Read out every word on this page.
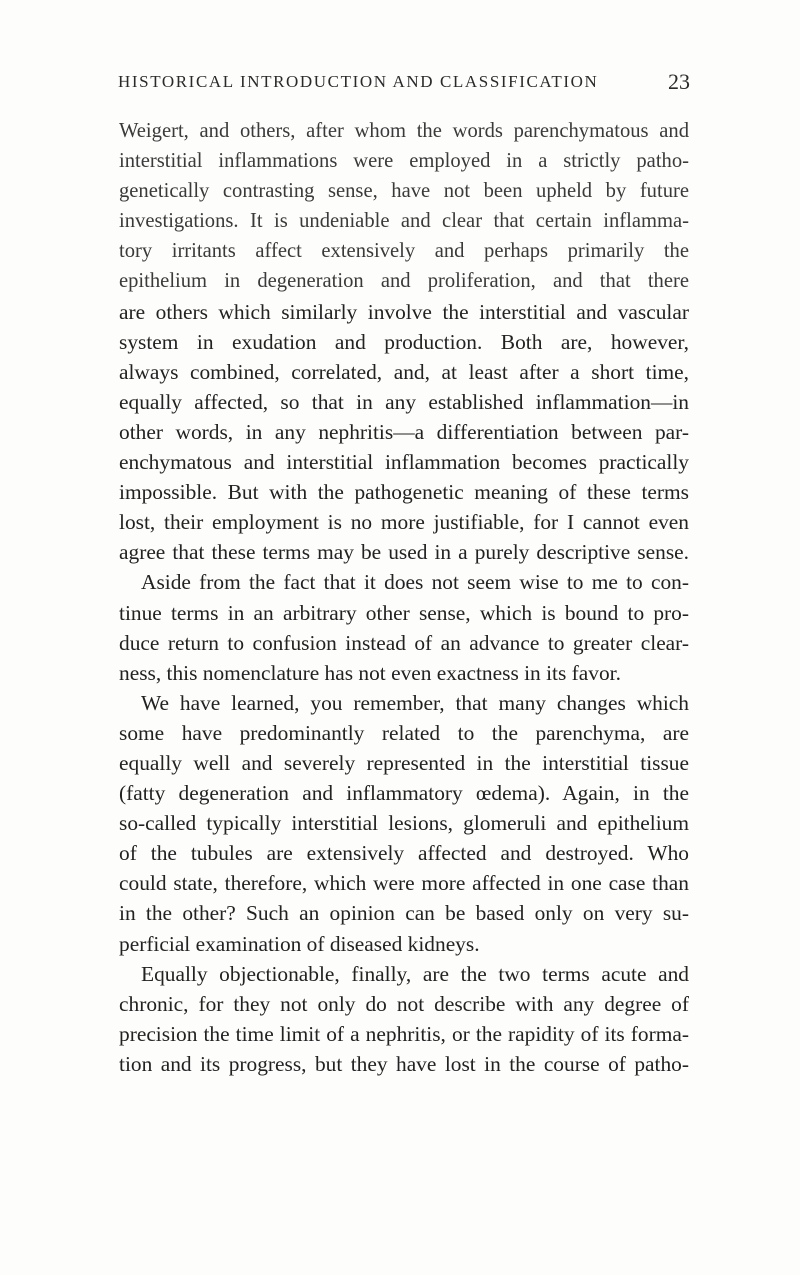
HISTORICAL INTRODUCTION AND CLASSIFICATION	23
Weigert, and others, after whom the words parenchymatous and
interstitial inflammations were employed in a strictly patho-
genetically contrasting sense, have not been upheld by future
investigations. It is undeniable and clear that certain inflamma-
tory irritants affect extensively and perhaps primarily the
epithelium in degeneration and proliferation, and that there
are others which similarly involve the interstitial and vascular
system in exudation and production. Both are, however,
always combined, correlated, and, at least after a short time,
equally affected, so that in any established inflammation—in
other words, in any nephritis—a differentiation between par-
enchymatous and interstitial inflammation becomes practically
impossible. But with the pathogenetic meaning of these terms
lost, their employment is no more justifiable, for I cannot even
agree that these terms may be used in a purely descriptive sense.
Aside from the fact that it does not seem wise to me to con-
tinue terms in an arbitrary other sense, which is bound to pro-
duce return to confusion instead of an advance to greater clear-
ness, this nomenclature has not even exactness in its favor.
We have learned, you remember, that many changes which
some have predominantly related to the parenchyma, are
equally well and severely represented in the interstitial tissue
(fatty degeneration and inflammatory œdema). Again, in the
so-called typically interstitial lesions, glomeruli and epithelium
of the tubules are extensively affected and destroyed. Who
could state, therefore, which were more affected in one case than
in the other? Such an opinion can be based only on very su-
perficial examination of diseased kidneys.
Equally objectionable, finally, are the two terms acute and
chronic, for they not only do not describe with any degree of
precision the time limit of a nephritis, or the rapidity of its forma-
tion and its progress, but they have lost in the course of patho-
